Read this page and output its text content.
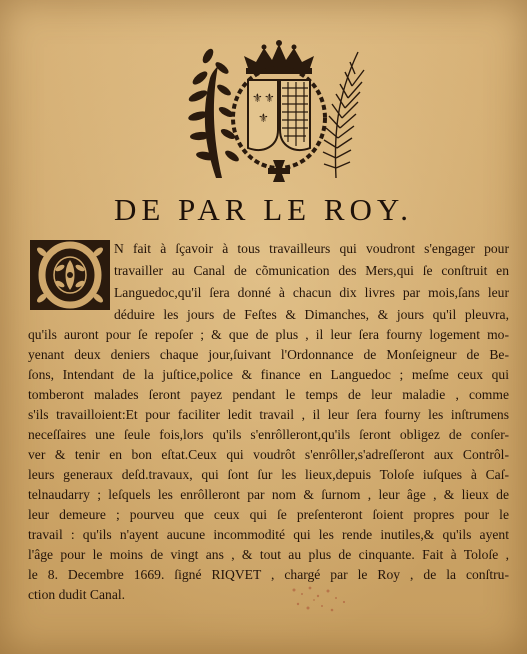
⚜ ⚜
⚜
DE PAR LE ROY.
N fait à ſçavoir à tous travailleurs qui voudront s'engager pour
travailler au Canal de cõmunication des Mers,qui ſe conſtruit en
Languedoc,qu'il ſera donné à chacun dix livres par mois,ſans leur
déduire les jours de Feſtes & Dimanches, & jours qu'il pleuvra,
qu'ils auront pour ſe repoſer ; & que de plus , il leur ſera fourny logement mo-
yenant deux deniers chaque jour,ſuivant l'Ordonnance de Monſeigneur de Be-
ſons, Intendant de la juſtice,police & finance en Languedoc ; meſme ceux qui
tomberont malades ſeront payez pendant le temps de leur maladie , comme
s'ils travailloient:Et pour faciliter ledit travail , il leur ſera fourny les inſtrumens
neceſſaires une ſeule fois,lors qu'ils s'enrôlleront,qu'ils ſeront obligez de conſer-
ver & tenir en bon eſtat.Ceux qui voudrôt s'enrôller,s'adreſſeront aux Contrôl-
leurs generaux deſd.travaux, qui ſont ſur les lieux,depuis Toloſe iuſques à Caſ-
telnaudarry ; leſquels les enrôlleront par nom & ſurnom , leur âge , & lieux de
leur demeure ; pourveu que ceux qui ſe preſenteront ſoient propres pour le
travail : qu'ils n'ayent aucune incommodité qui les rende inutiles,& qu'ils ayent
l'âge pour le moins de vingt ans , & tout au plus de cinquante. Fait à Toloſe ,
le 8. Decembre 1669. ſigné RIQVET , chargé par le Roy , de la conſtru-
ction dudit Canal.
